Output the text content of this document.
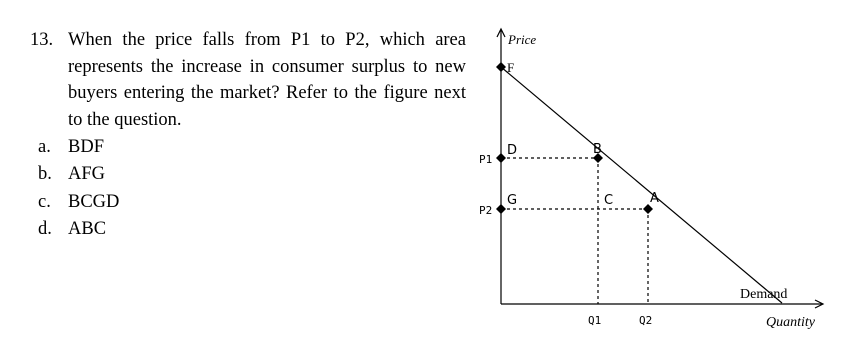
13. When the price falls from P1 to P2, which area represents the increase in consumer surplus to new buyers entering the market? Refer to the figure next to the question.
a. BDF
b. AFG
c. BCGD
d. ABC
Price
F
P1
P2
D
G	C
B
A
Q1	Q2
Demand
Quantity
